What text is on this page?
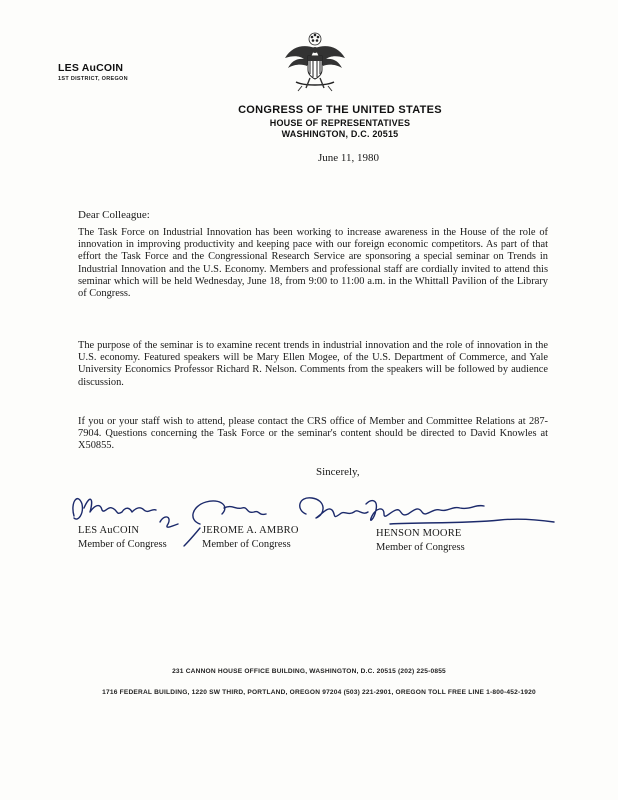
LES AuCOIN
1ST DISTRICT, OREGON
CONGRESS OF THE UNITED STATES
HOUSE OF REPRESENTATIVES
WASHINGTON, D.C. 20515
June 11, 1980
Dear Colleague:
The Task Force on Industrial Innovation has been working to increase awareness in the House of the role of innovation in improving productivity and keeping pace with our foreign economic competitors. As part of that effort the Task Force and the Congressional Research Service are sponsoring a special seminar on Trends in Industrial Innovation and the U.S. Economy. Members and professional staff are cordially invited to attend this seminar which will be held Wednesday, June 18, from 9:00 to 11:00 a.m. in the Whittall Pavilion of the Library of Congress.
The purpose of the seminar is to examine recent trends in industrial innovation and the role of innovation in the U.S. economy. Featured speakers will be Mary Ellen Mogee, of the U.S. Department of Commerce, and Yale University Economics Professor Richard R. Nelson. Comments from the speakers will be followed by audience discussion.
If you or your staff wish to attend, please contact the CRS office of Member and Committee Relations at 287-7904. Questions concerning the Task Force or the seminar's content should be directed to David Knowles at X50855.
Sincerely,
LES AuCOIN
Member of Congress
JEROME A. AMBRO
Member of Congress
HENSON MOORE
Member of Congress
231 CANNON HOUSE OFFICE BUILDING, WASHINGTON, D.C. 20515 (202) 225-0855
1716 FEDERAL BUILDING, 1220 SW THIRD, PORTLAND, OREGON 97204 (503) 221-2901, OREGON TOLL FREE LINE 1-800-452-1920
